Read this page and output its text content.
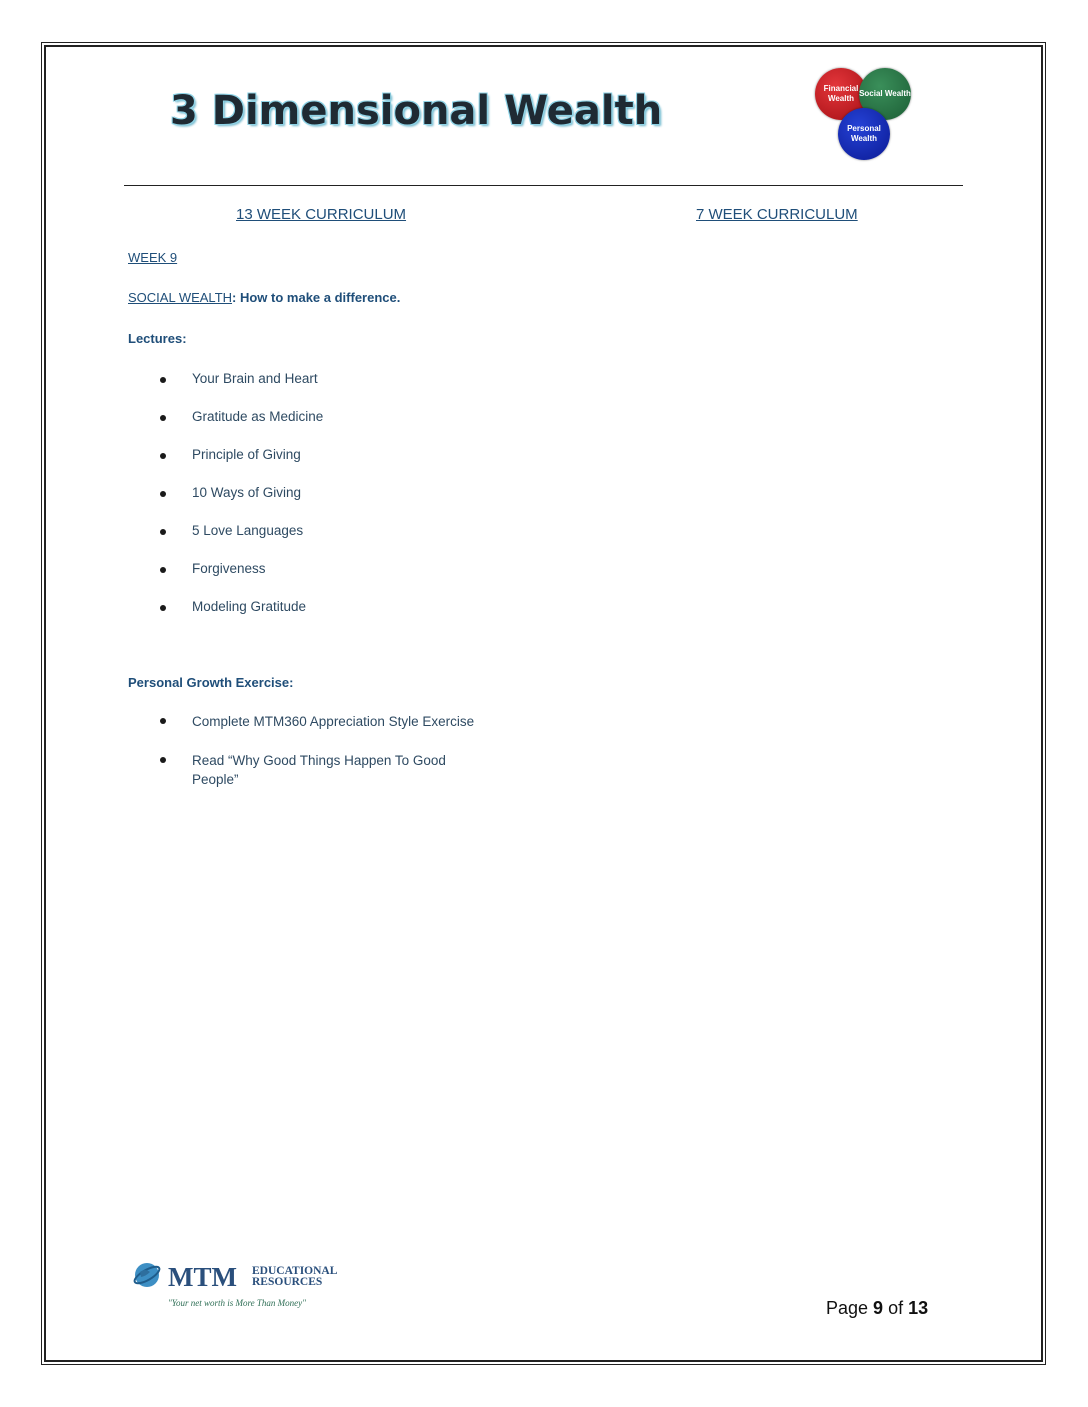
3 Dimensional Wealth	Financial Wealth
Social Wealth
Personal Wealth
13 WEEK CURRICULUM	7 WEEK CURRICULUM
WEEK 9
SOCIAL WEALTH: How to make a difference.
Lectures:
Your Brain and Heart
Gratitude as Medicine
Principle of Giving
10 Ways of Giving
5 Love Languages
Forgiveness
Modeling Gratitude
Personal Growth Exercise:
Complete MTM360 Appreciation Style Exercise
Read “Why Good Things Happen To Good People”
MTM EDUCATIONAL
RESOURCES
"Your net worth is More Than Money"	Page 9 of 13
